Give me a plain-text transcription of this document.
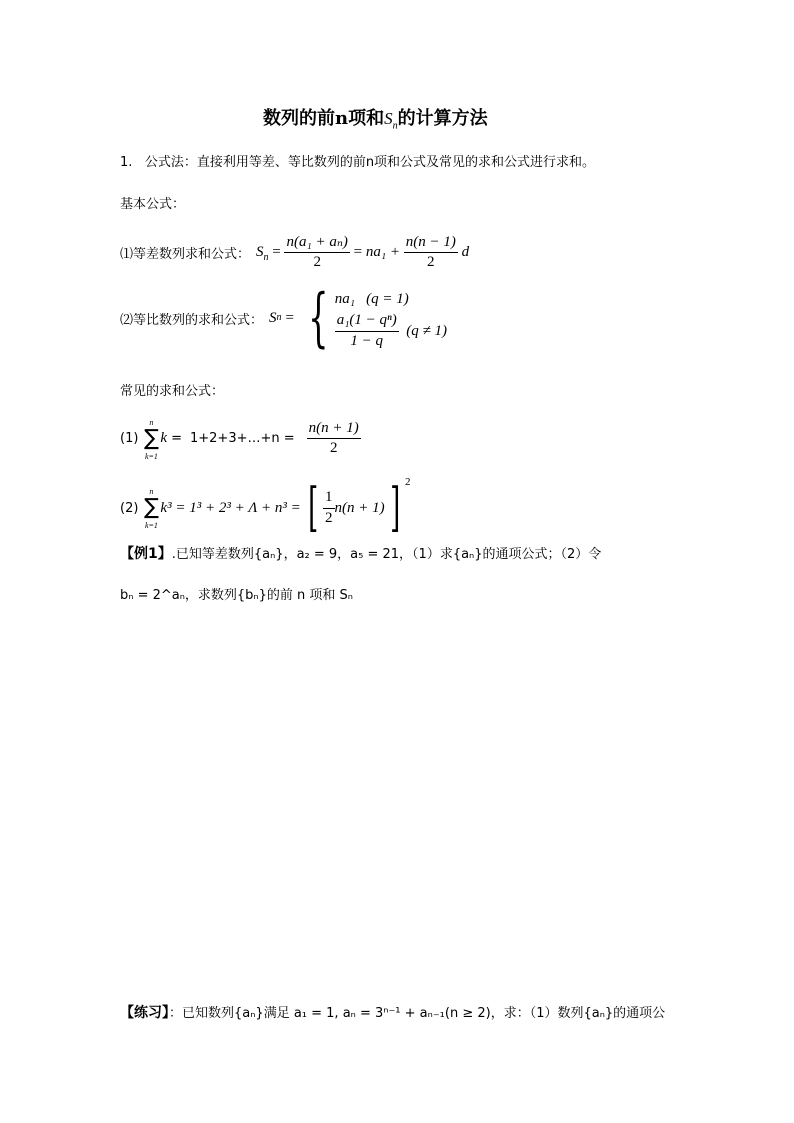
数列的前n项和$S_n$的计算方法
1. 公式法：直接利用等差、等比数列的前n项和公式及常见的求和公式进行求和。
基本公式：
⑴等差数列求和公式： $S_n = \frac{\text{n(a₁ + aₙ)}}{2} = na_1 + \frac{n(n - 1)}{2}$ d
⑵等比数列的求和公式： S n = { na₁ (q = 1)
$\frac{\text{a₁(1 − qⁿ)}}{1 - q}$
(q ≠ 1)
常见的求和公式：
(1)
n
∑
k=1
k = 1+2+3+…+n = $\frac{n(n + 1)}{2}$
(2)
n
∑
k=1
k³ = 1³ + 2³ + Λ + n³ = [ $\frac{1}{2} n(n + 1)$ ] 2
【例1】.已知等差数列{aₙ}，a₂ = 9，a₅ = 21，（1）求{aₙ}的通项公式；（2）令
bₙ = 2^aₙ，求数列{bₙ}的前 n 项和 Sₙ
【练习】：已知数列{aₙ}满足 a₁ = 1, aₙ = 3ⁿ⁻¹ + aₙ₋₁(n ≥ 2)，求：（1）数列{aₙ}的通项公
